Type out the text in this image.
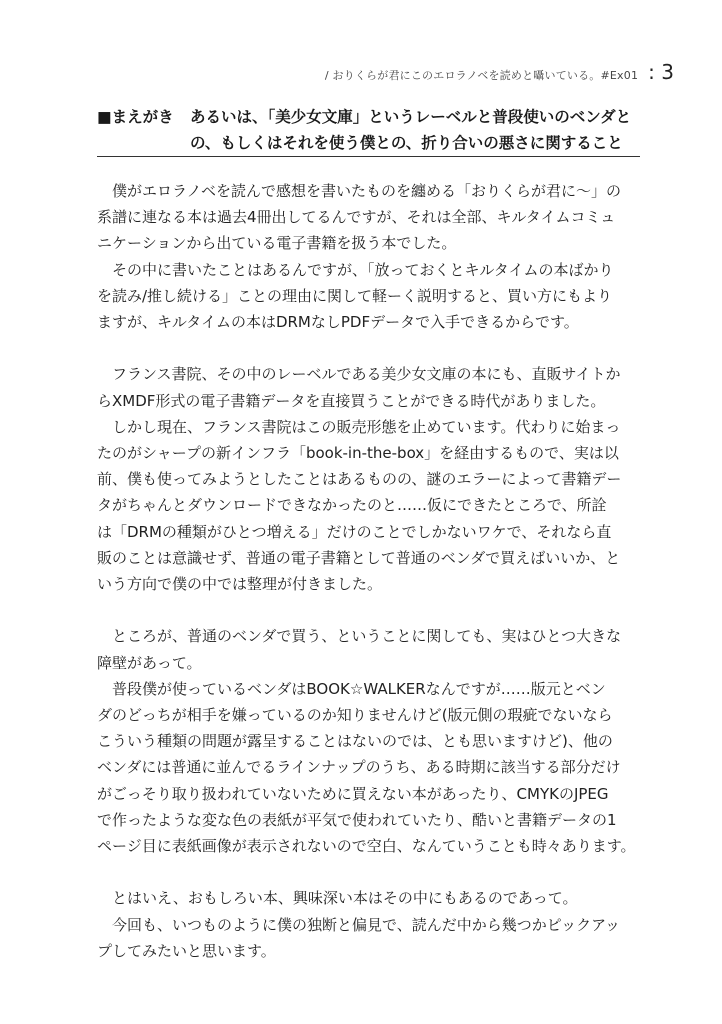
/ おりくらが君にこのエロラノベを読めと囁いている。#Ex01 : 3
■まえがき	あるいは、「美少女文庫」というレーベルと普段使いのベンダと
の、もしくはそれを使う僕との、折り合いの悪さに関すること

　僕がエロラノベを読んで感想を書いたものを纏める「おりくらが君に～」の
系譜に連なる本は過去4冊出してるんですが、それは全部、キルタイムコミュ
ニケーションから出ている電子書籍を扱う本でした。

　その中に書いたことはあるんですが、「放っておくとキルタイムの本ばかり
を読み/推し続ける」ことの理由に関して軽ーく説明すると、買い方にもより
ますが、キルタイムの本はDRMなしPDFデータで入手できるからです。

　フランス書院、その中のレーベルである美少女文庫の本にも、直販サイトか
らXMDF形式の電子書籍データを直接買うことができる時代がありました。

　しかし現在、フランス書院はこの販売形態を止めています。代わりに始まっ
たのがシャープの新インフラ「book-in-the-box」を経由するもので、実は以
前、僕も使ってみようとしたことはあるものの、謎のエラーによって書籍デー
タがちゃんとダウンロードできなかったのと……仮にできたところで、所詮
は「DRMの種類がひとつ増える」だけのことでしかないワケで、それなら直
販のことは意識せず、普通の電子書籍として普通のベンダで買えばいいか、と
いう方向で僕の中では整理が付きました。

　ところが、普通のベンダで買う、ということに関しても、実はひとつ大きな
障壁があって。

　普段僕が使っているベンダはBOOK☆WALKERなんですが……版元とベン
ダのどっちが相手を嫌っているのか知りませんけど(版元側の瑕疵でないなら
こういう種類の問題が露呈することはないのでは、とも思いますけど)、他の
ベンダには普通に並んでるラインナップのうち、ある時期に該当する部分だけ
がごっそり取り扱われていないために買えない本があったり、CMYKのJPEG
で作ったような変な色の表紙が平気で使われていたり、酷いと書籍データの1
ページ目に表紙画像が表示されないので空白、なんていうことも時々あります。

　とはいえ、おもしろい本、興味深い本はその中にもあるのであって。

　今回も、いつものように僕の独断と偏見で、読んだ中から幾つかピックアッ
プしてみたいと思います。
